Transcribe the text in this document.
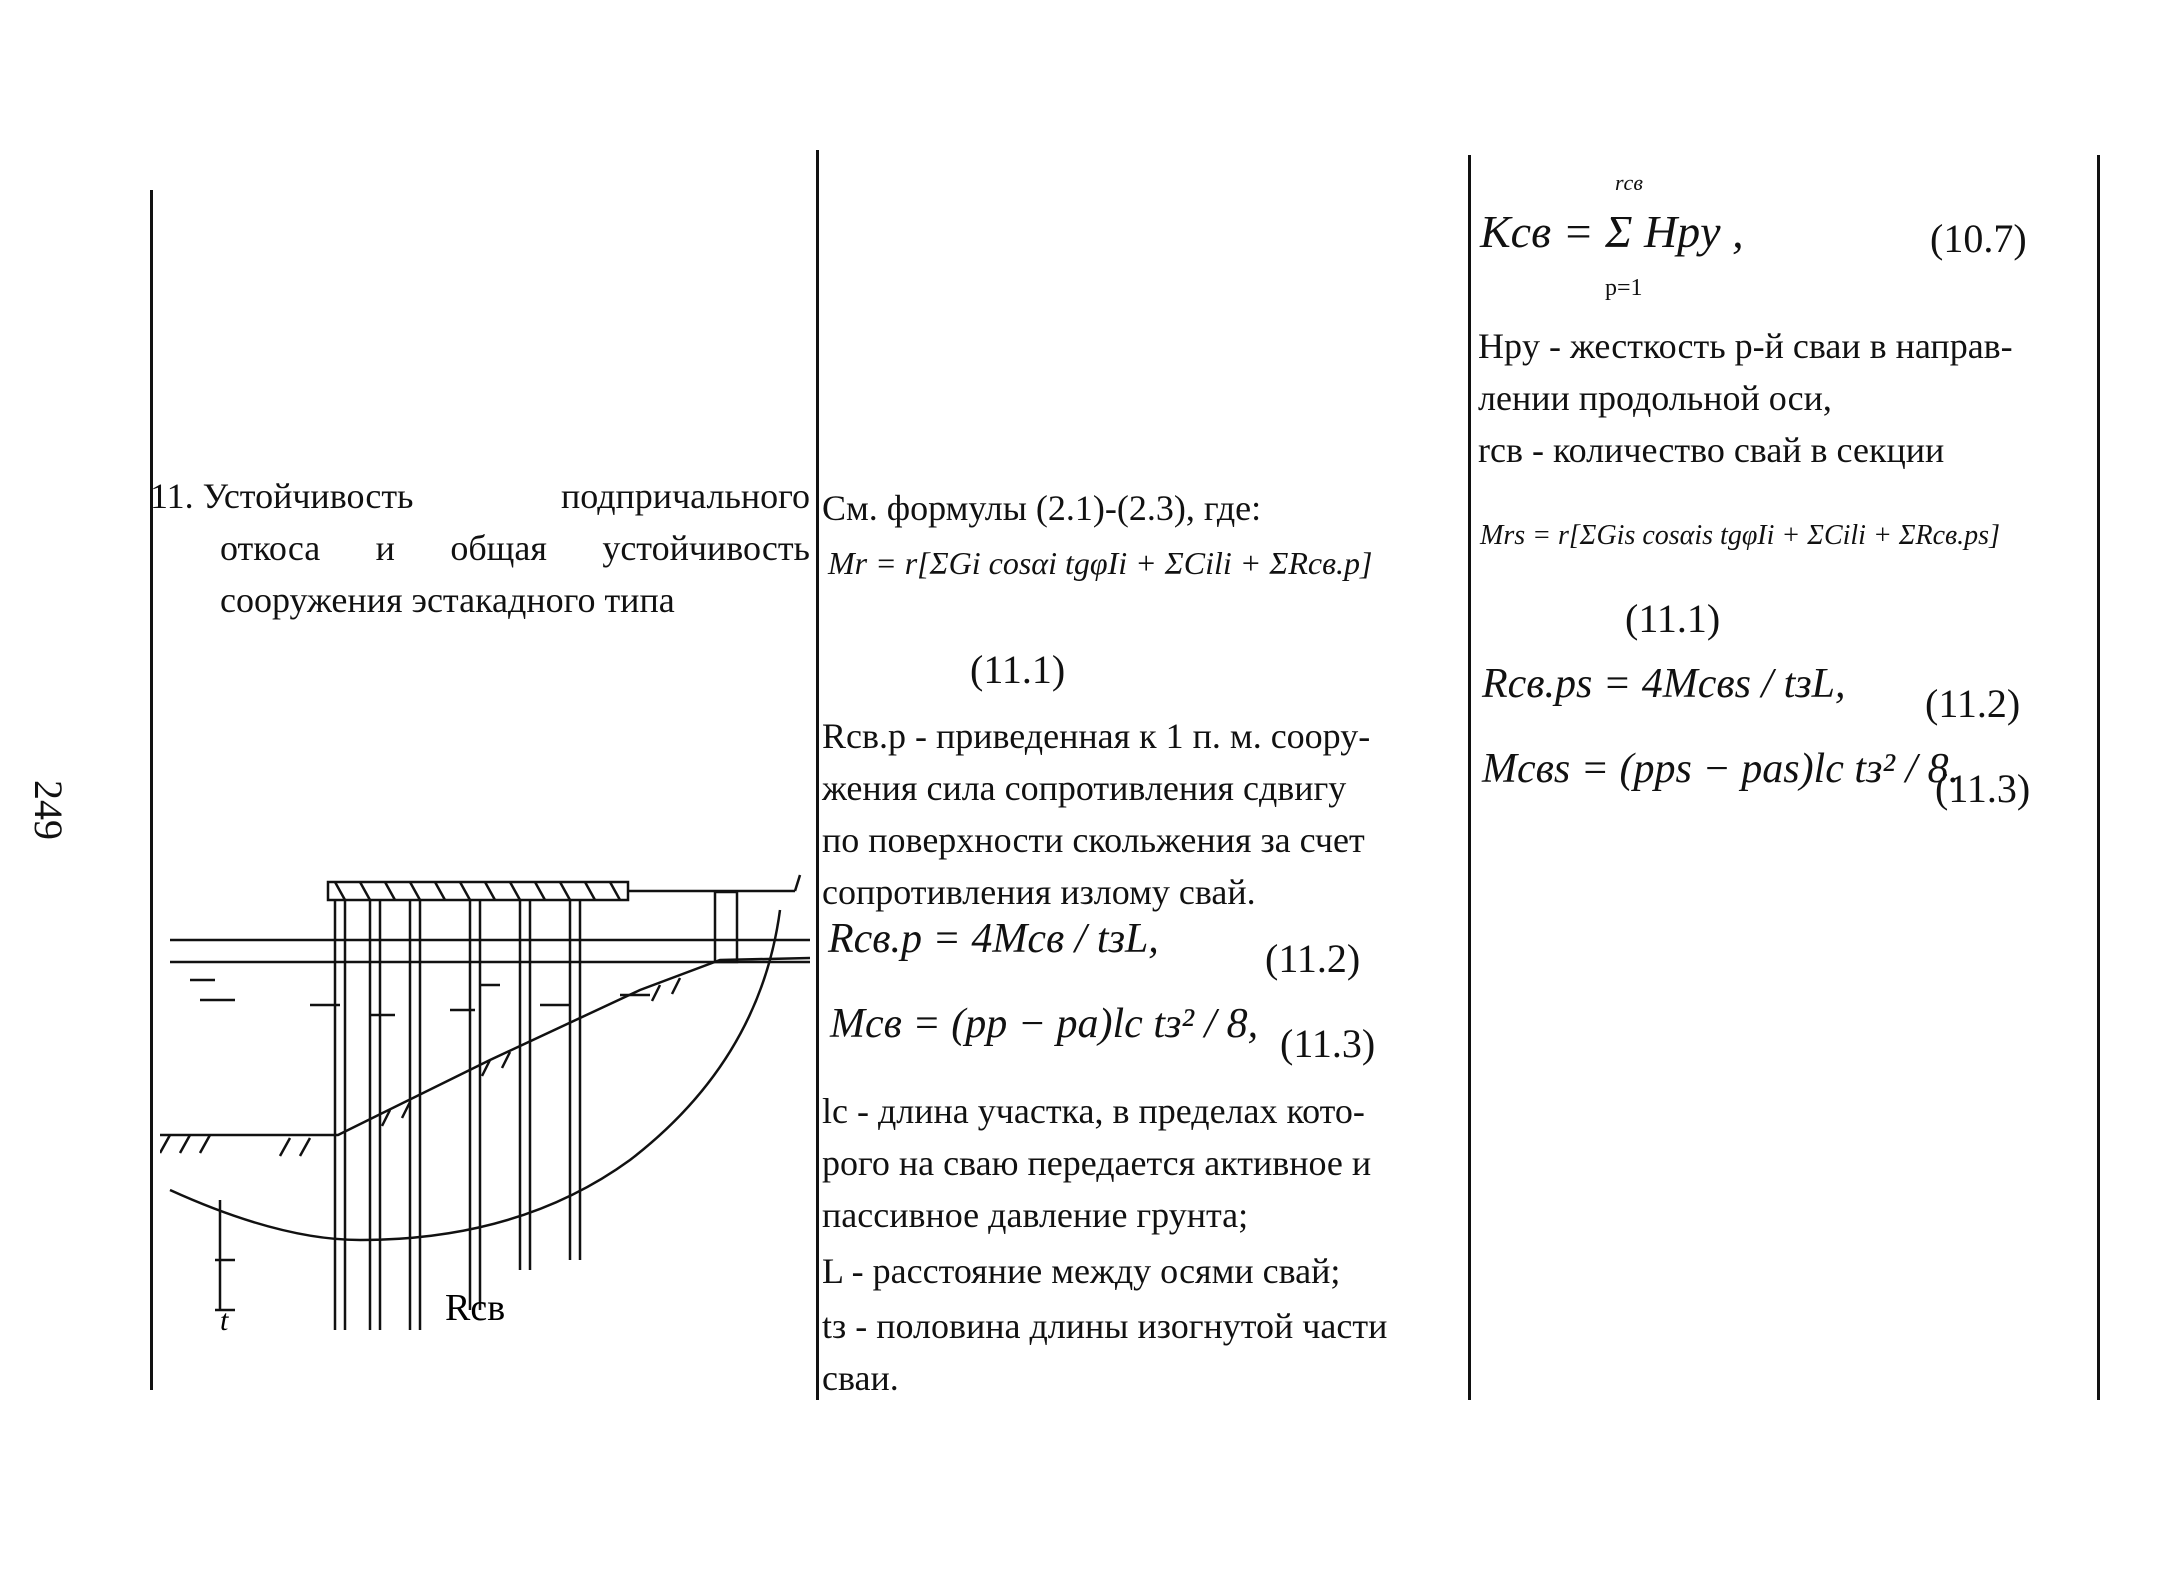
249
11. Устойчивость	подпричального
откоса и общая устойчивость
сооружения эстакадного типа
t	Rсв
См. формулы (2.1)-(2.3), где:
Mr = r[ΣGi cosαi tgφIi + ΣCili + ΣRсв.р]
(11.1)
Rсв.р - приведенная к 1 п. м. соору-
жения сила сопротивления сдвигу
по поверхности скольжения за счет
сопротивления излому свай.
Rсв.р = 4Mсв / tзL,	(11.2)
Mсв = (pp − pa)lc tз² / 8, (11.3)
lc - длина участка, в пределах кото-
рого на сваю передается активное и
пассивное давление грунта;
L - расстояние между осями свай;
tз - половина длины изогнутой части
сваи.
Kсв = Σ Hpy ,
rсв
p=1
(10.7)
Hpy - жесткость p-й сваи в направ-
лении продольной оси,
rсв - количество свай в секции
Mrs = r[ΣGis cosαis tgφIi + ΣCili + ΣRсв.рs]
(11.1)
Rсв.рs = 4Mсвs / tзL, (11.2)
Mсвs = (pps − pas)lc tз² / 8.
(11.3)
